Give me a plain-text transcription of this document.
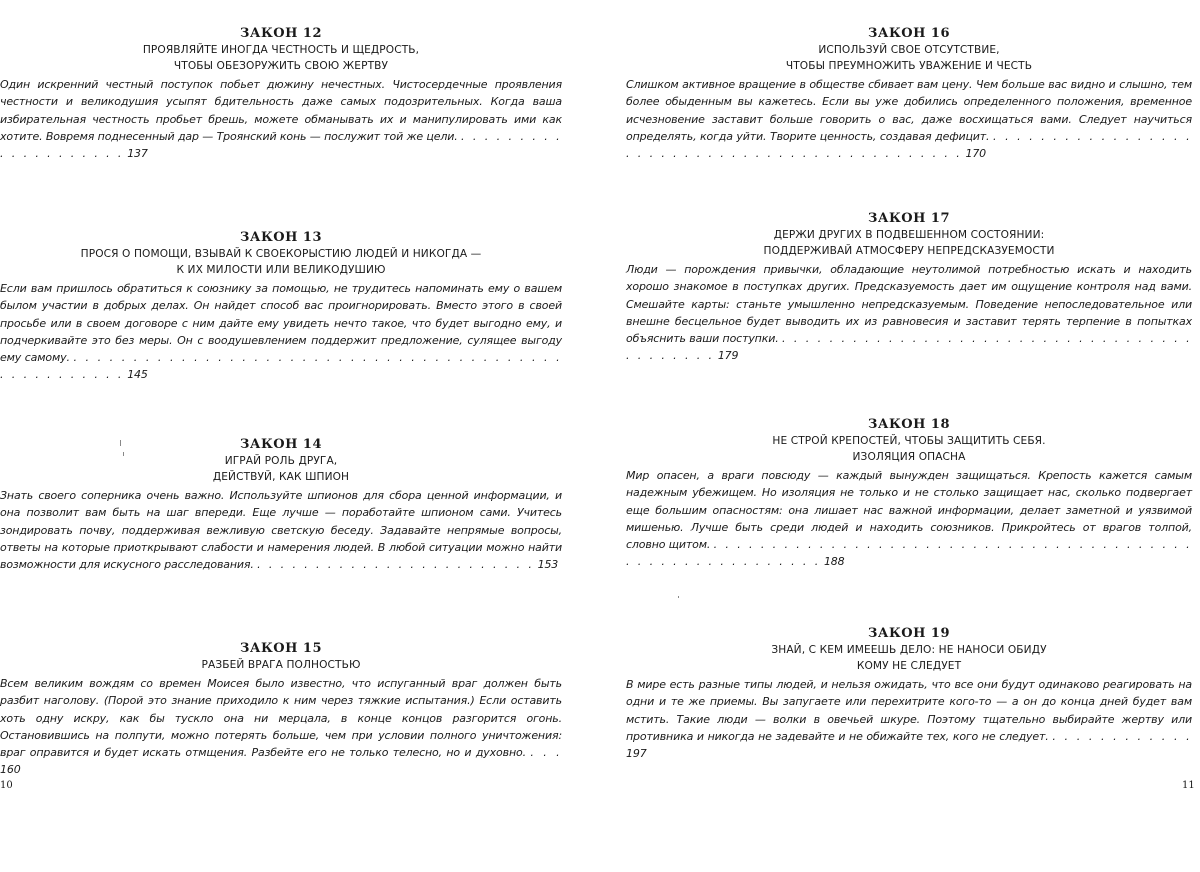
ЗАКОН 12
ПРОЯВЛЯЙТЕ ИНОГДА ЧЕСТНОСТЬ И ЩЕДРОСТЬ,
ЧТОБЫ ОБЕЗОРУЖИТЬ СВОЮ ЖЕРТВУ

Один искренний честный поступок побьет дюжину нечестных. Чистосердечные проявления честности и великодушия усыпят бдительность даже самых подозрительных. Когда ваша избирательная честность пробьет брешь, можете обманывать их и манипулировать ими как хотите. Вовремя поднесенный дар — Троянский конь — послужит той же цели. . . . . . . . . . . . . . . . . . . . . 137

ЗАКОН 13
ПРОСЯ О ПОМОЩИ, ВЗЫВАЙ К СВОЕКОРЫСТИЮ ЛЮДЕЙ И НИКОГДА —
К ИХ МИЛОСТИ ИЛИ ВЕЛИКОДУШИЮ

Если вам пришлось обратиться к союзнику за помощью, не трудитесь напоминать ему о вашем былом участии в добрых делах. Он найдет способ вас проигнорировать. Вместо этого в своей просьбе или в своем договоре с ним дайте ему увидеть нечто такое, что будет выгодно ему, и подчеркивайте это без меры. Он с воодушевлением поддержит предложение, сулящее выгоду ему самому. . . . . . . . . . . . . . . . . . . . . . . . . . . . . . . . . . . . . . . . . . . . . . . . . . . . . 145

ЗАКОН 14
ИГРАЙ РОЛЬ ДРУГА,
ДЕЙСТВУЙ, КАК ШПИОН

Знать своего соперника очень важно. Используйте шпионов для сбора ценной информации, и она позволит вам быть на шаг впереди. Еще лучше — поработайте шпионом сами. Учитесь зондировать почву, поддерживая вежливую светскую беседу. Задавайте непрямые вопросы, ответы на которые приоткрывают слабости и намерения людей. В любой ситуации можно найти возможности для искусного расследования. . . . . . . . . . . . . . . . . . . . . . . . . 153

ЗАКОН 15
РАЗБЕЙ ВРАГА ПОЛНОСТЬЮ

Всем великим вождям со времен Моисея было известно, что испуганный враг должен быть разбит наголову. (Порой это знание приходило к ним через тяжкие испытания.) Если оставить хоть одну искру, как бы тускло она ни мерцала, в конце концов разгорится огонь. Остановившись на полпути, можно потерять больше, чем при условии полного уничтожения: враг оправится и будет искать отмщения. Разбейте его не только телесно, но и духовно. . . . 160

10
ЗАКОН 16
ИСПОЛЬЗУЙ СВОЕ ОТСУТСТВИЕ,
ЧТОБЫ ПРЕУМНОЖИТЬ УВАЖЕНИЕ И ЧЕСТЬ

Слишком активное вращение в обществе сбивает вам цену. Чем больше вас видно и слышно, тем более обыденным вы кажетесь. Если вы уже добились определенного положения, временное исчезновение заставит больше говорить о вас, даже восхищаться вами. Следует научиться определять, когда уйти. Творите ценность, создавая дефицит. . . . . . . . . . . . . . . . . . . . . . . . . . . . . . . . . . . . . . . . . . . . . . . 170

ЗАКОН 17
ДЕРЖИ ДРУГИХ В ПОДВЕШЕННОМ СОСТОЯНИИ:
ПОДДЕРЖИВАЙ АТМОСФЕРУ НЕПРЕДСКАЗУЕМОСТИ

Люди — порождения привычки, обладающие неутолимой потребностью искать и находить хорошо знакомое в поступках других. Предсказуемость дает им ощущение контроля над вами. Смешайте карты: станьте умышленно непредсказуемым. Поведение непоследовательное или внешне бесцельное будет выводить их из равновесия и заставит терять терпение в попытках объяснить ваши поступки. . . . . . . . . . . . . . . . . . . . . . . . . . . . . . . . . . . . . . . . . . . . 179

ЗАКОН 18
НЕ СТРОЙ КРЕПОСТЕЙ, ЧТОБЫ ЗАЩИТИТЬ СЕБЯ.
ИЗОЛЯЦИЯ ОПАСНА

Мир опасен, а враги повсюду — каждый вынужден защищаться. Крепость кажется самым надежным убежищем. Но изоляция не только и не столько защищает нас, сколько подвергает еще большим опасностям: она лишает нас важной информации, делает заметной и уязвимой мишенью. Лучше быть среди людей и находить союзников. Прикройтесь от врагов толпой, словно щитом. . . . . . . . . . . . . . . . . . . . . . . . . . . . . . . . . . . . . . . . . . . . . . . . . . . . . . . . . . . 188

ЗАКОН 19
ЗНАЙ, С КЕМ ИМЕЕШЬ ДЕЛО: НЕ НАНОСИ ОБИДУ
КОМУ НЕ СЛЕДУЕТ

В мире есть разные типы людей, и нельзя ожидать, что все они будут одинаково реагировать на одни и те же приемы. Вы запугаете или перехитрите кого-то — а он до конца дней будет вам мстить. Такие люди — волки в овечьей шкуре. Поэтому тщательно выбирайте жертву или противника и никогда не задевайте и не обижайте тех, кого не следует. . . . . . . . . . . . . 197

11
